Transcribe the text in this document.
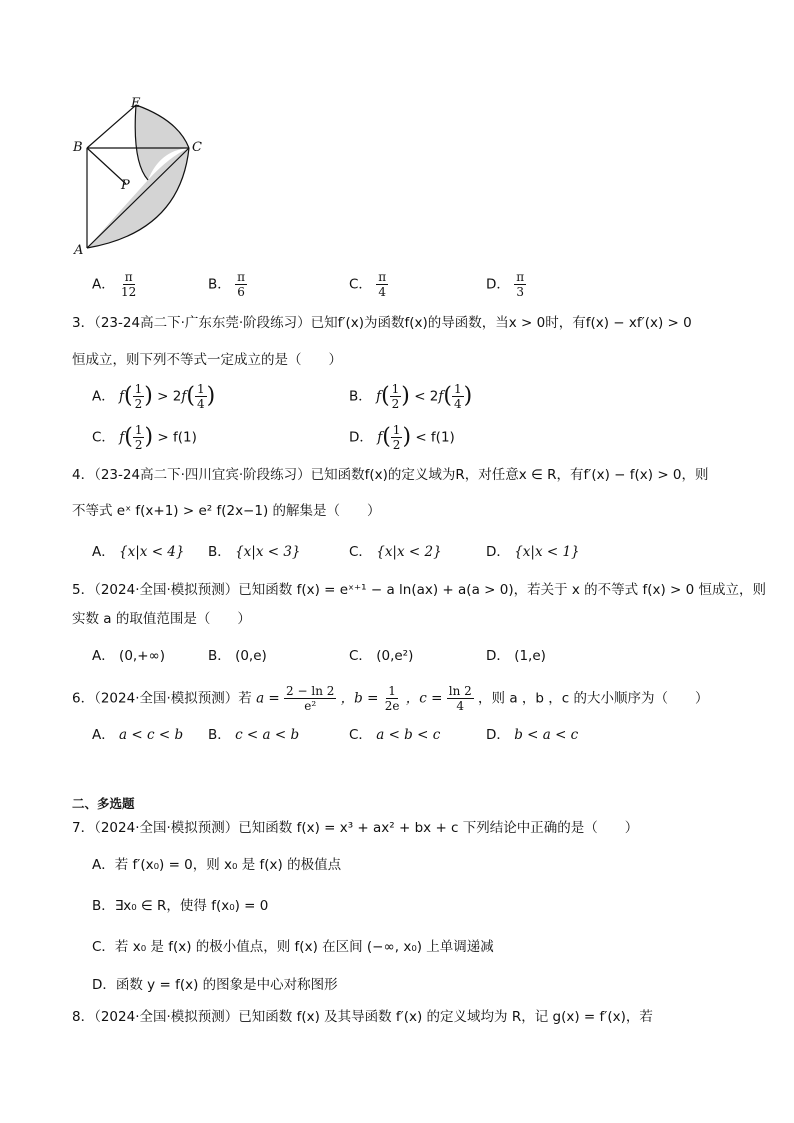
E
B	C
P
A
A． $\frac{\pi}{12}$	B． $\frac{\pi}{6}$	C． $\frac{\pi}{4}$	D． $\frac{\pi}{3}$
3．（23-24高二下·广东东莞·阶段练习）已知f′(x)为函数f(x)的导函数，当x > 0时，有f(x) − xf′(x) > 0
恒成立，则下列不等式一定成立的是（　　）
A． $f( \frac{1}{2}$ ) > $2f( \frac{1}{4}$ )	B． $f( \frac{1}{2}$ ) < $2f( \frac{1}{4}$ )
C． $f( \frac{1}{2}$ ) > f(1)	D． $f( \frac{1}{2}$ ) < f(1)
4．（23-24高二下·四川宜宾·阶段练习）已知函数f(x)的定义域为R，对任意x ∈ R，有f′(x) − f(x) > 0，则
不等式 eˣ f(x+1) > e² f(2x−1) 的解集是（　　）
A． {x|x < 4} B． {x|x < 3}	C． {x|x < 2}	D． {x|x < 1}
5．（2024·全国·模拟预测）已知函数 f(x) = eˣ⁺¹ − a ln(ax) + a(a > 0)，若关于 x 的不等式 f(x) > 0 恒成立，则
实数 a 的取值范围是（　　）
A． (0,+∞)	B． (0,e)	C． (0,e²)	D． (1,e)
6．（2024·全国·模拟预测）若 $a = \frac{2 - \ln 2}{\text{e²}}$ ，$b = \frac{1}{2e}$ ，$c = \frac{\ln 2}{4}$ ，则 a ，b ，c 的大小顺序为（　　）
A． a < c < b B． c < a < b	C． a < b < c	D． b < a < c
二、多选题
7．（2024·全国·模拟预测）已知函数 f(x) = x³ + ax² + bx + c 下列结论中正确的是（　　）
A．若 f′(x₀) = 0，则 x₀ 是 f(x) 的极值点
B．∃x₀ ∈ R，使得 f(x₀) = 0
C．若 x₀ 是 f(x) 的极小值点，则 f(x) 在区间 (−∞, x₀) 上单调递减
D．函数 y = f(x) 的图象是中心对称图形
8．（2024·全国·模拟预测）已知函数 f(x) 及其导函数 f′(x) 的定义域均为 R，记 g(x) = f′(x)，若
